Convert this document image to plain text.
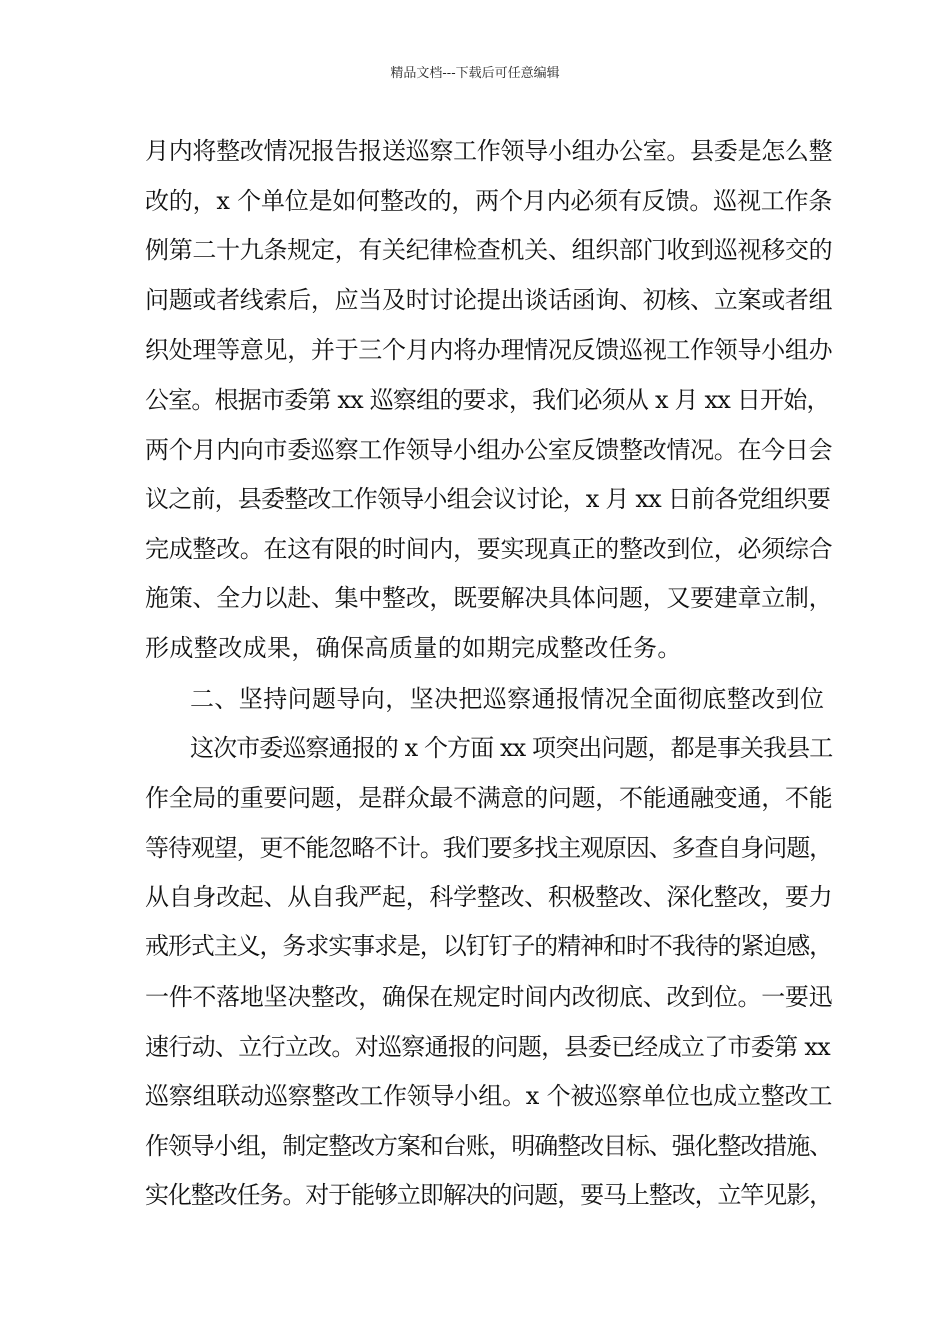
精品文档---下载后可任意编辑
月内将整改情况报告报送巡察工作领导小组办公室。县委是怎么整
改的，x 个单位是如何整改的，两个月内必须有反馈。巡视工作条
例第二十九条规定，有关纪律检查机关、组织部门收到巡视移交的
问题或者线索后，应当及时讨论提出谈话函询、初核、立案或者组
织处理等意见，并于三个月内将办理情况反馈巡视工作领导小组办
公室。根据市委第 xx 巡察组的要求，我们必须从 x 月 xx 日开始，
两个月内向市委巡察工作领导小组办公室反馈整改情况。在今日会
议之前，县委整改工作领导小组会议讨论，x 月 xx 日前各党组织要
完成整改。在这有限的时间内，要实现真正的整改到位，必须综合
施策、全力以赴、集中整改，既要解决具体问题，又要建章立制，
形成整改成果，确保高质量的如期完成整改任务。
二、坚持问题导向，坚决把巡察通报情况全面彻底整改到位
这次市委巡察通报的 x 个方面 xx 项突出问题，都是事关我县工
作全局的重要问题，是群众最不满意的问题，不能通融变通，不能
等待观望，更不能忽略不计。我们要多找主观原因、多查自身问题，
从自身改起、从自我严起，科学整改、积极整改、深化整改，要力
戒形式主义，务求实事求是，以钉钉子的精神和时不我待的紧迫感，
一件不落地坚决整改，确保在规定时间内改彻底、改到位。一要迅
速行动、立行立改。对巡察通报的问题，县委已经成立了市委第 xx
巡察组联动巡察整改工作领导小组。x 个被巡察单位也成立整改工
作领导小组，制定整改方案和台账，明确整改目标、强化整改措施、
实化整改任务。对于能够立即解决的问题，要马上整改，立竿见影，
